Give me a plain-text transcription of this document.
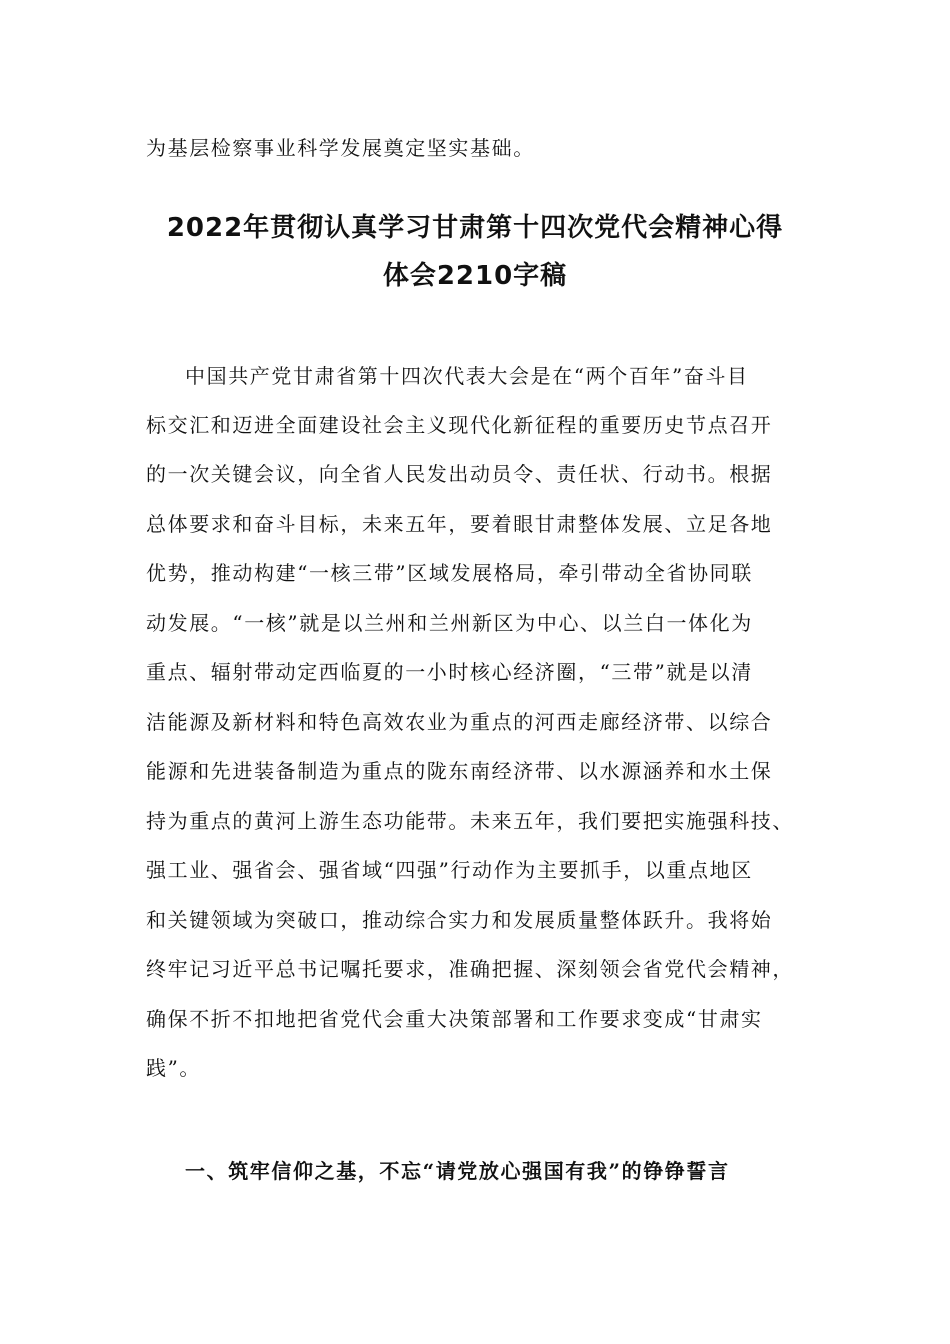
为基层检察事业科学发展奠定坚实基础。
2022年贯彻认真学习甘肃第十四次党代会精神心得
体会2210字稿
中国共产党甘肃省第十四次代表大会是在“两个百年”奋斗目
标交汇和迈进全面建设社会主义现代化新征程的重要历史节点召开
的一次关键会议，向全省人民发出动员令、责任状、行动书。根据
总体要求和奋斗目标，未来五年，要着眼甘肃整体发展、立足各地
优势，推动构建“一核三带”区域发展格局，牵引带动全省协同联
动发展。“一核”就是以兰州和兰州新区为中心、以兰白一体化为
重点、辐射带动定西临夏的一小时核心经济圈，“三带”就是以清
洁能源及新材料和特色高效农业为重点的河西走廊经济带、以综合
能源和先进装备制造为重点的陇东南经济带、以水源涵养和水土保
持为重点的黄河上游生态功能带。未来五年，我们要把实施强科技、
强工业、强省会、强省域“四强”行动作为主要抓手，以重点地区
和关键领域为突破口，推动综合实力和发展质量整体跃升。我将始
终牢记习近平总书记嘱托要求，准确把握、深刻领会省党代会精神，
确保不折不扣地把省党代会重大决策部署和工作要求变成“甘肃实
践”。
一、筑牢信仰之基，不忘“请党放心强国有我”的铮铮誓言
